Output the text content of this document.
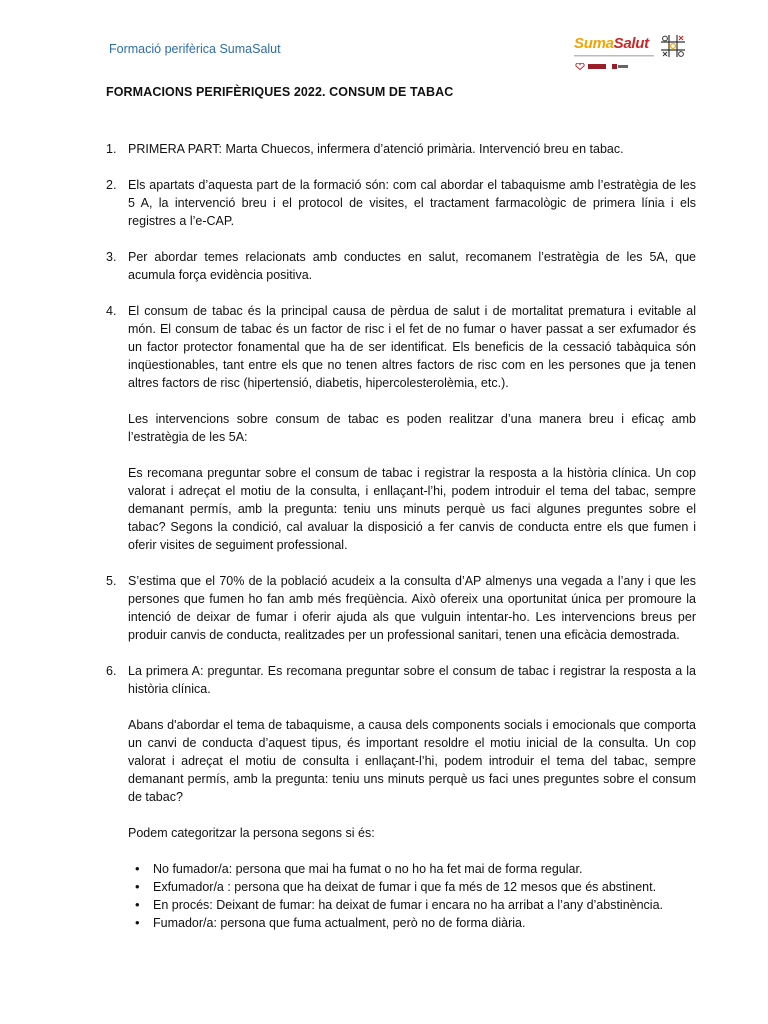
Formació perifèrica SumaSalut	SumaSalut
FORMACIONS PERIFÈRIQUES 2022. CONSUM DE TABAC
1. PRIMERA PART: Marta Chuecos, infermera d’atenció primària. Intervenció breu en tabac.

2. Els apartats d’aquesta part de la formació són: com cal abordar el tabaquisme amb l’estratègia de les 5 A, la intervenció breu i el protocol de visites, el tractament farmacològic de primera línia i els registres a l’e-CAP.

3. Per abordar temes relacionats amb conductes en salut, recomanem l’estratègia de les 5A, que acumula força evidència positiva.

4. El consum de tabac és la principal causa de pèrdua de salut i de mortalitat prematura i evitable al món. El consum de tabac és un factor de risc i el fet de no fumar o haver passat a ser exfumador és un factor protector fonamental que ha de ser identificat. Els beneficis de la cessació tabàquica són inqüestionables, tant entre els que no tenen altres factors de risc com en les persones que ja tenen altres factors de risc (hipertensió, diabetis, hipercolesterolèmia, etc.).

Les intervencions sobre consum de tabac es poden realitzar d’una manera breu i eficaç amb l’estratègia de les 5A:

Es recomana preguntar sobre el consum de tabac i registrar la resposta a la història clínica. Un cop valorat i adreçat el motiu de la consulta, i enllaçant-l’hi, podem introduir el tema del tabac, sempre demanant permís, amb la pregunta: teniu uns minuts perquè us faci algunes preguntes sobre el tabac? Segons la condició, cal avaluar la disposició a fer canvis de conducta entre els que fumen i oferir visites de seguiment professional.

5. S’estima que el 70% de la població acudeix a la consulta d’AP almenys una vegada a l’any i que les persones que fumen ho fan amb més freqüència. Això ofereix una oportunitat única per promoure la intenció de deixar de fumar i oferir ajuda als que vulguin intentar-ho. Les intervencions breus per produir canvis de conducta, realitzades per un professional sanitari, tenen una eficàcia demostrada.

6. La primera A: preguntar. Es recomana preguntar sobre el consum de tabac i registrar la resposta a la història clínica.

Abans d'abordar el tema de tabaquisme, a causa dels components socials i emocionals que comporta un canvi de conducta d’aquest tipus, és important resoldre el motiu inicial de la consulta. Un cop valorat i adreçat el motiu de consulta i enllaçant-l’hi, podem introduir el tema del tabac, sempre demanant permís, amb la pregunta: teniu uns minuts perquè us faci unes preguntes sobre el consum de tabac?

Podem categoritzar la persona segons si és:

• No fumador/a: persona que mai ha fumat o no ho ha fet mai de forma regular.
• Exfumador/a : persona que ha deixat de fumar i que fa més de 12 mesos que és abstinent.
• En procés: Deixant de fumar: ha deixat de fumar i encara no ha arribat a l’any d’abstinència.
• Fumador/a: persona que fuma actualment, però no de forma diària.
